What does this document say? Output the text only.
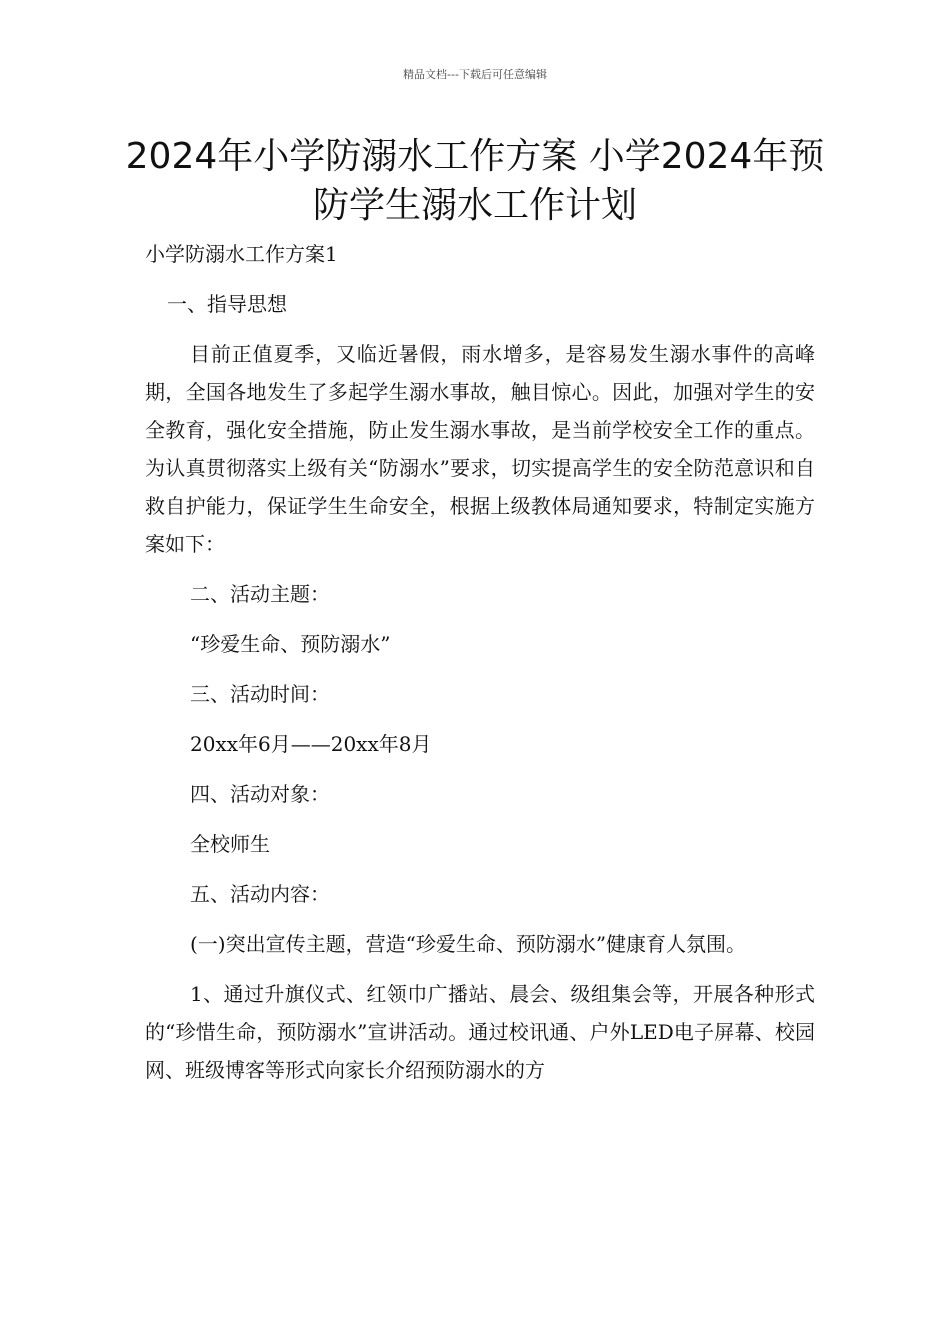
精品文档---下载后可任意编辑
2024年小学防溺水工作方案 小学2024年预防学生溺水工作计划

小学防溺水工作方案1

一、指导思想

目前正值夏季，又临近暑假，雨水增多，是容易发生溺水事件的高峰期，全国各地发生了多起学生溺水事故，触目惊心。因此，加强对学生的安全教育，强化安全措施，防止发生溺水事故，是当前学校安全工作的重点。为认真贯彻落实上级有关“防溺水”要求，切实提高学生的安全防范意识和自救自护能力，保证学生生命安全，根据上级教体局通知要求，特制定实施方案如下：

二、活动主题：

“珍爱生命、预防溺水”

三、活动时间：

20xx年6月——20xx年8月

四、活动对象：

全校师生

五、活动内容：

(一)突出宣传主题，营造“珍爱生命、预防溺水”健康育人氛围。

1、通过升旗仪式、红领巾广播站、晨会、级组集会等，开展各种形式的“珍惜生命，预防溺水”宣讲活动。通过校讯通、户外LED电子屏幕、校园网、班级博客等形式向家长介绍预防溺水的方
